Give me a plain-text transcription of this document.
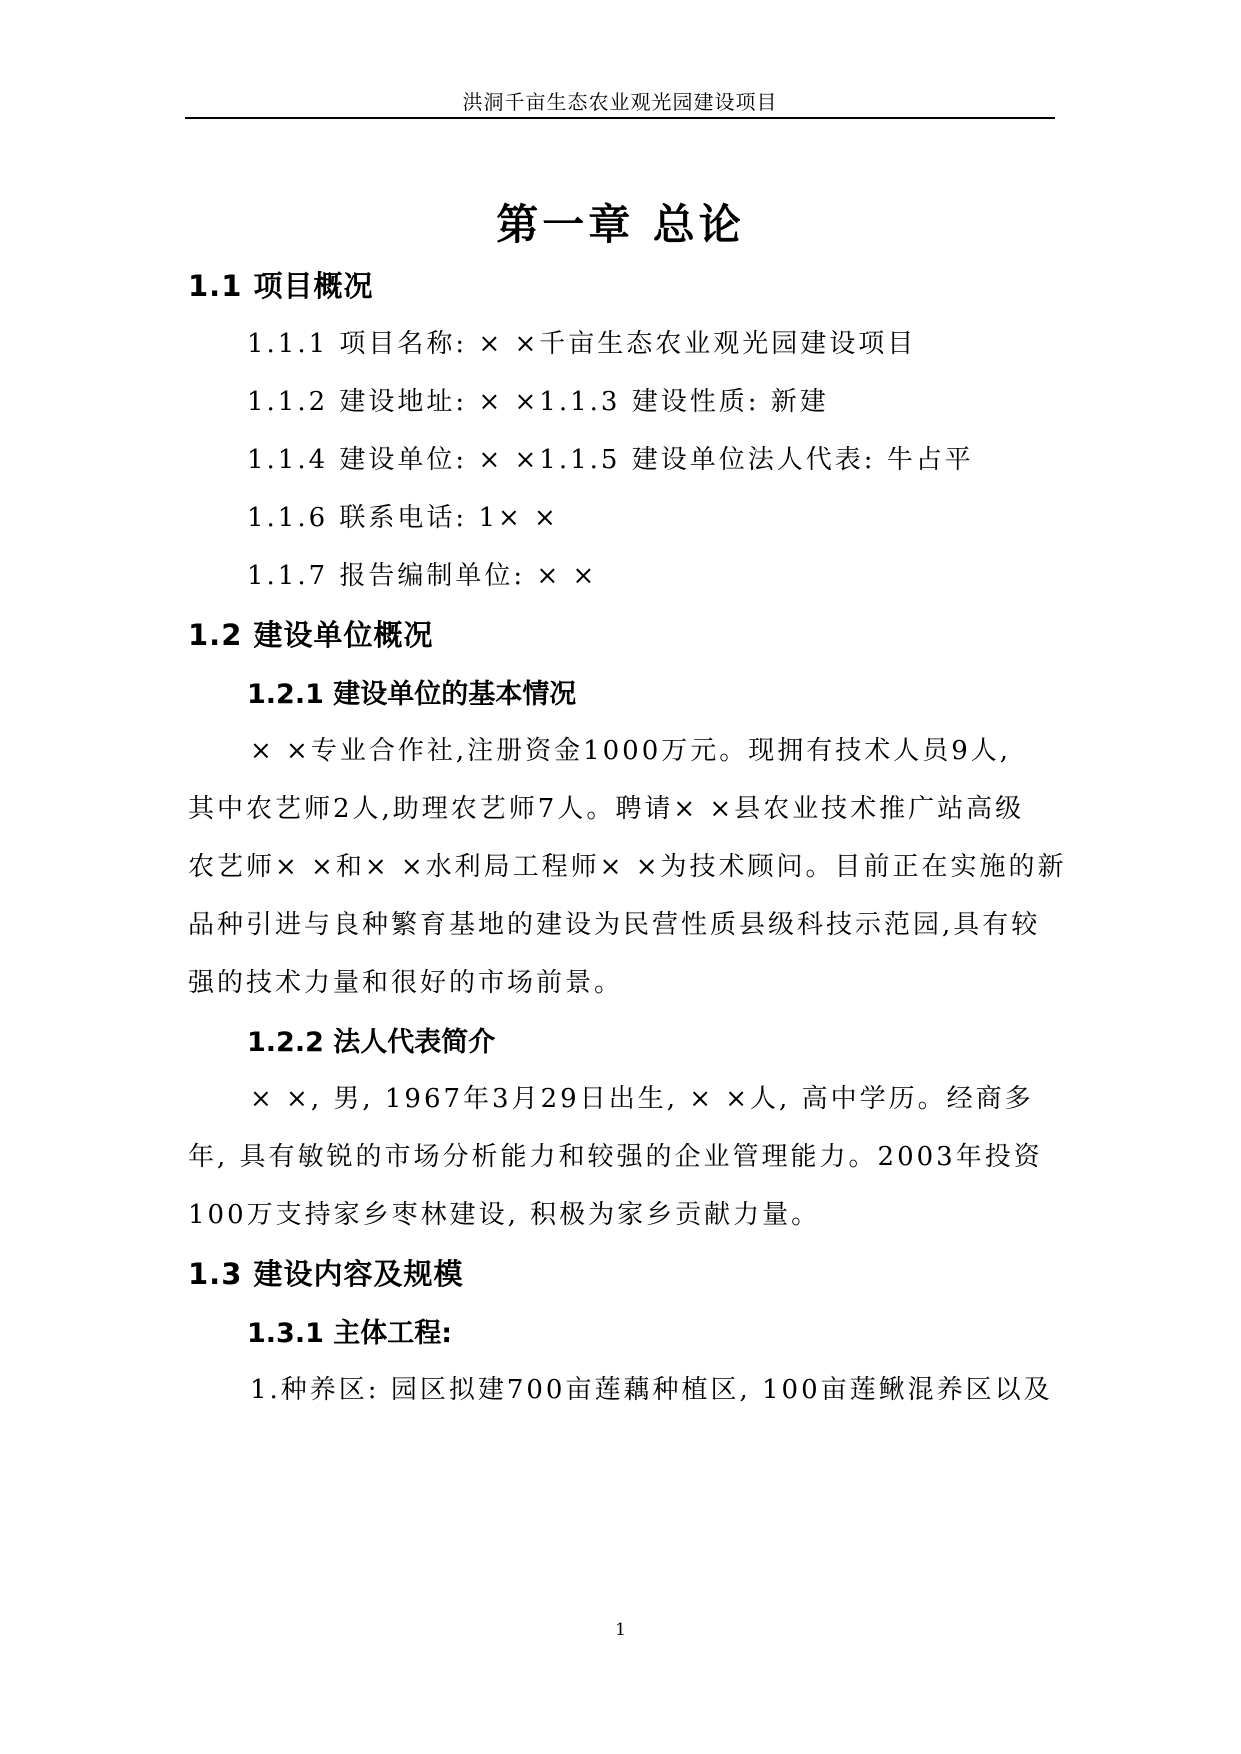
洪洞千亩生态农业观光园建设项目
第一章 总论
1.1 项目概况
1.1.1 项目名称: × ×千亩生态农业观光园建设项目
1.1.2 建设地址: × ×1.1.3 建设性质: 新建
1.1.4 建设单位: × ×1.1.5 建设单位法人代表: 牛占平
1.1.6 联系电话: 1× ×
1.1.7 报告编制单位: × ×
1.2 建设单位概况
1.2.1 建设单位的基本情况
× ×专业合作社,注册资金1000万元。现拥有技术人员9人,
其中农艺师2人,助理农艺师7人。聘请× ×县农业技术推广站高级
农艺师× ×和× ×水利局工程师× ×为技术顾问。目前正在实施的新
品种引进与良种繁育基地的建设为民营性质县级科技示范园,具有较
强的技术力量和很好的市场前景。
1.2.2 法人代表简介
× ×, 男, 1967年3月29日出生, × ×人, 高中学历。经商多
年, 具有敏锐的市场分析能力和较强的企业管理能力。2003年投资
100万支持家乡枣林建设, 积极为家乡贡献力量。
1.3 建设内容及规模
1.3.1 主体工程:
1.种养区: 园区拟建700亩莲藕种植区, 100亩莲鳅混养区以及
1
